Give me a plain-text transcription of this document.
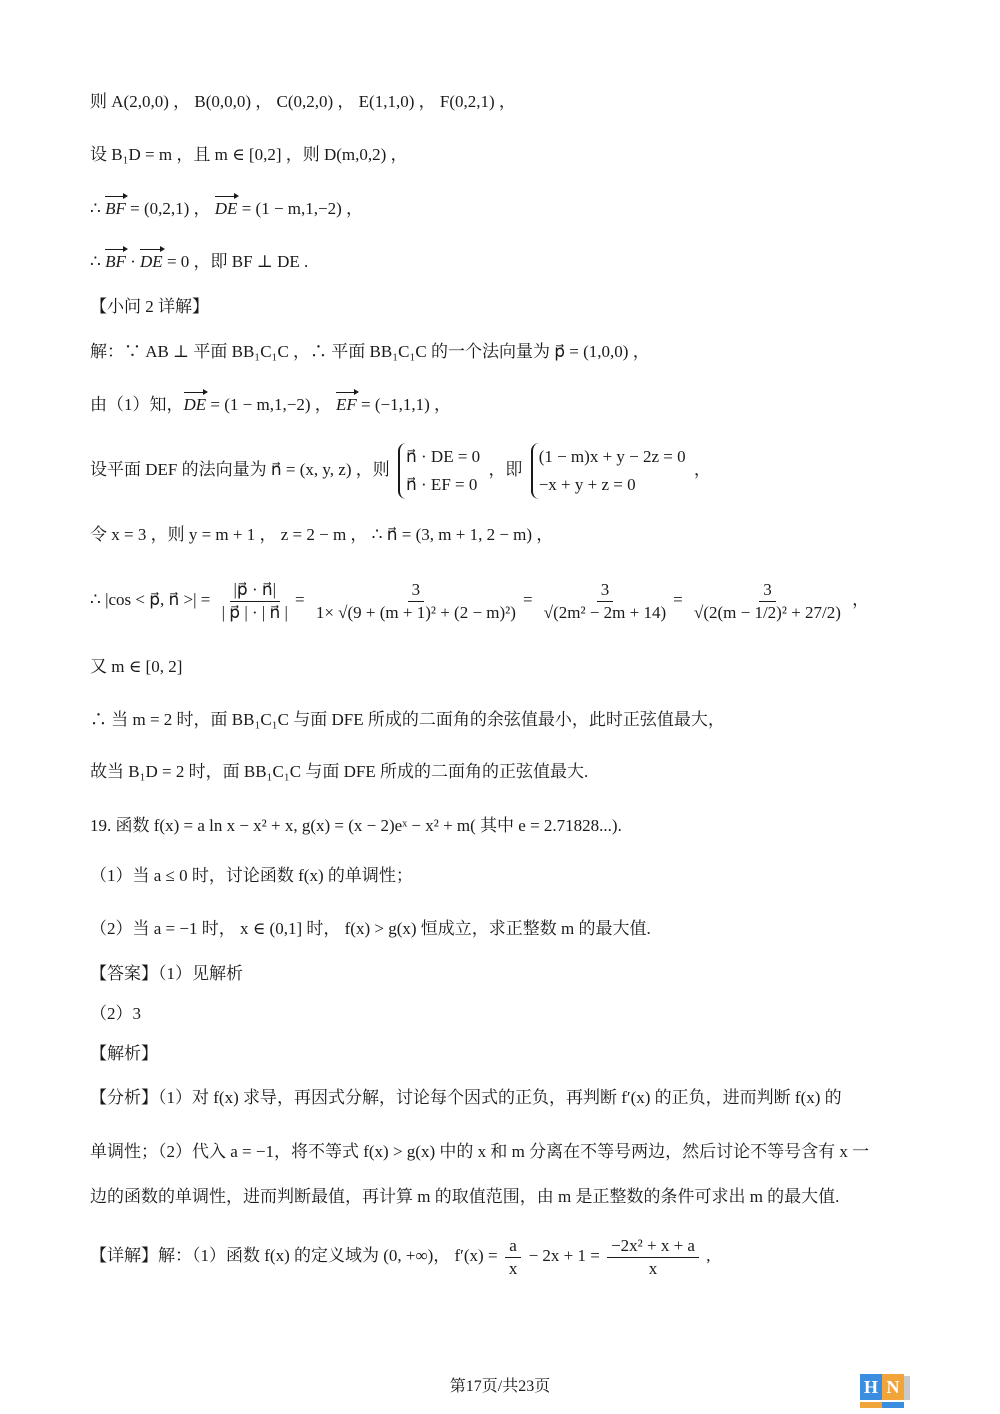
则 A(2,0,0) ， B(0,0,0) ， C(0,2,0) ， E(1,1,0) ， F(0,2,1) ，
设 B₁D = m ，且 m ∈ [0,2] ，则 D(m,0,2) ，
∴ BF = (0,2,1) ， DE = (1 − m,1,−2) ，
∴ BF · DE = 0 ，即 BF ⊥ DE .
【小问 2 详解】
解：∵ AB ⊥ 平面 BB₁C₁C ，∴ 平面 BB₁C₁C 的一个法向量为 p⃗ = (1,0,0) ，
由（1）知，DE = (1 − m,1,−2) ， EF = (−1,1,1) ，
设平面 DEF 的法向量为 n⃗ = (x, y, z) ，则
n⃗ · DE = 0
n⃗ · EF = 0
，即
(1 − m)x + y − 2z = 0
−x + y + z = 0
，
令 x = 3 ，则 y = m + 1 ， z = 2 − m ， ∴ n⃗ = (3, m + 1, 2 − m) ，
∴ |cos < p⃗, n⃗ >| = $\frac{|p⃗ \cdot n⃗|}{| p⃗ | \cdot | n⃗ |} = \frac{3}{\text{1× √(9 + (m + 1)² + (2 − m)²)}} = \frac{3}{\text{√(2m² − 2m + 14)}} = \frac{3}{\text{√(2(m − 1/2)² + 27/2)}}$ ，
又 m ∈ [0, 2]
∴ 当 m = 2 时，面 BB₁C₁C 与面 DFE 所成的二面角的余弦值最小，此时正弦值最大，
故当 B₁D = 2 时，面 BB₁C₁C 与面 DFE 所成的二面角的正弦值最大.
19. 函数 f(x) = a ln x − x² + x, g(x) = (x − 2)eˣ − x² + m( 其中 e = 2.71828...).
（1）当 a ≤ 0 时，讨论函数 f(x) 的单调性；
（2）当 a = −1 时， x ∈ (0,1] 时， f(x) > g(x) 恒成立，求正整数 m 的最大值.
【答案】（1）见解析
（2）3
【解析】
【分析】（1）对 f(x) 求导，再因式分解，讨论每个因式的正负，再判断 f′(x) 的正负，进而判断 f(x) 的
单调性；（2）代入 a = −1，将不等式 f(x) > g(x) 中的 x 和 m 分离在不等号两边，然后讨论不等号含有 x 一
边的函数的单调性，进而判断最值，再计算 m 的取值范围，由 m 是正整数的条件可求出 m 的最大值.
【详解】解：（1）函数 f(x) 的定义域为 (0, +∞)， $f'(x) = \frac{a}{x} - 2x + 1 = \frac{\text{−2x² + x + a}}{x}$ ,
第17页/共23页	H N
